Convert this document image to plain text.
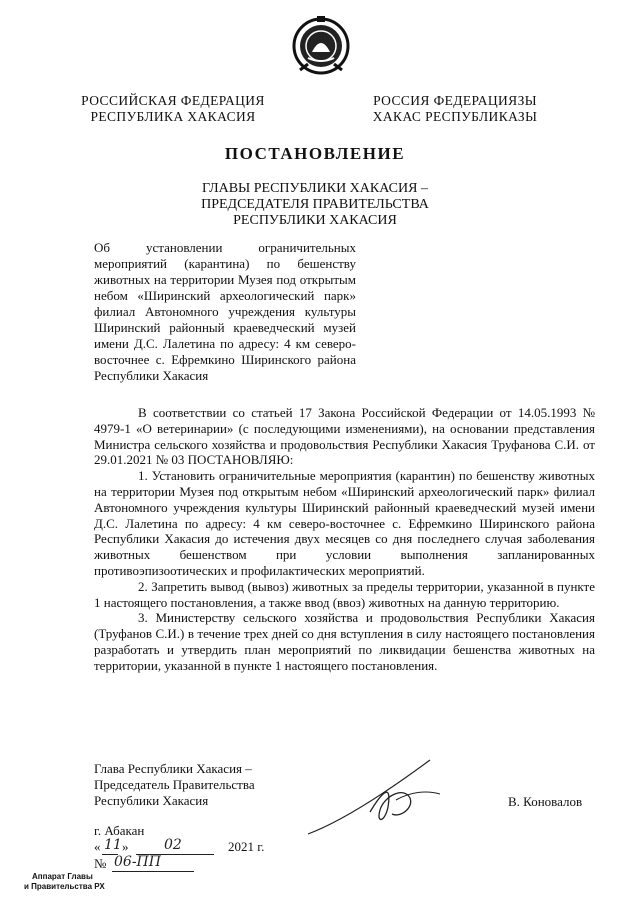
РОССИЙСКАЯ ФЕДЕРАЦИЯ
РЕСПУБЛИКА ХАКАСИЯ
РОССИЯ ФЕДЕРАЦИЯЗЫ
ХАКАС РЕСПУБЛИКАЗЫ
ПОСТАНОВЛЕНИЕ
ГЛАВЫ РЕСПУБЛИКИ ХАКАСИЯ –
ПРЕДСЕДАТЕЛЯ ПРАВИТЕЛЬСТВА
РЕСПУБЛИКИ ХАКАСИЯ
Об установлении ограничительных мероприятий (карантина) по бешенству животных на территории Музея под открытым небом «Ширинский археологический парк» филиал Автономного учреждения культуры Ширинский районный краеведческий музей имени Д.С. Лалетина по адресу: 4 км северо-восточнее с. Ефремкино Ширинского района Республики Хакасия

В соответствии со статьей 17 Закона Российской Федерации от 14.05.1993 № 4979-1 «О ветеринарии» (с последующими изменениями), на основании представления Министра сельского хозяйства и продовольствия Республики Хакасия Труфанова С.И. от 29.01.2021 № 03 ПОСТАНОВЛЯЮ:

1. Установить ограничительные мероприятия (карантин) по бешенству животных на территории Музея под открытым небом «Ширинский археологический парк» филиал Автономного учреждения культуры Ширинский районный краеведческий музей имени Д.С. Лалетина по адресу: 4 км северо-восточнее с. Ефремкино Ширинского района Республики Хакасия до истечения двух месяцев со дня последнего случая заболевания животных бешенством при условии выполнения запланированных противоэпизоотических и профилактических мероприятий.

2. Запретить вывод (вывоз) животных за пределы территории, указанной в пункте 1 настоящего постановления, а также ввод (ввоз) животных на данную территорию.

3. Министерству сельского хозяйства и продовольствия Республики Хакасия (Труфанов С.И.) в течение трех дней со дня вступления в силу настоящего постановления разработать и утвердить план мероприятий по ликвидации бешенства животных на территории, указанной в пункте 1 настоящего постановления.

Глава Республики Хакасия –
Председатель Правительства
Республики Хакасия	В. Коновалов
г. Абакан
« 11 »	02	2021 г.
№ 06-ПП
Аппарат Главы
и Правительства РХ
